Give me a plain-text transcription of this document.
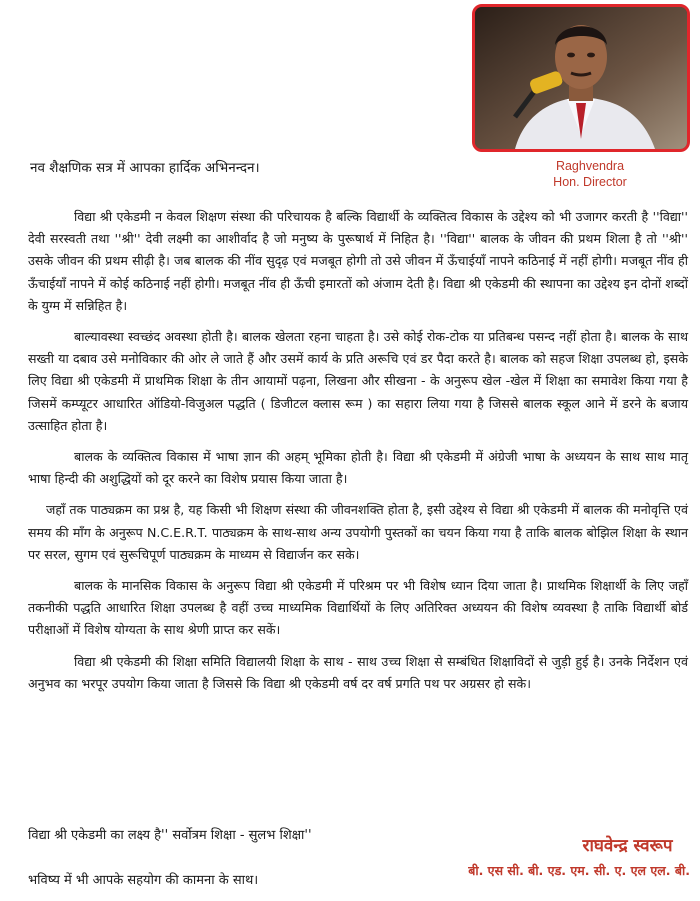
Raghvendra
Hon. Director
नव शैक्षणिक सत्र में आपका हार्दिक अभिनन्दन।

विद्या श्री एकेडमी न केवल शिक्षण संस्था की परिचायक है बल्कि विद्यार्थी के व्यक्तित्व विकास के उद्देश्य को भी उजागर करती है ''विद्या'' देवी सरस्वती तथा ''श्री'' देवी लक्ष्मी का आशीर्वाद है जो मनुष्य के पुरूषार्थ में निहित है। ''विद्या'' बालक के जीवन की प्रथम शिला है तो ''श्री'' उसके जीवन की प्रथम सीढ़ी है। जब बालक की नींव सुदृढ़ एवं मजबूत होगी तो उसे जीवन में ऊँचाईयाँ नापने कठिनाई में नहीं होगी। मजबूत नींव ही ऊँचाईयाँ नापने में कोई कठिनाई नहीं होगी। मजबूत नींव ही ऊँची इमारतों को अंजाम देती है। विद्या श्री एकेडमी की स्थापना का उद्देश्य इन दोनों शब्दों के युग्म में सन्निहित है।

बाल्यावस्था स्वच्छंद अवस्था होती है। बालक खेलता रहना चाहता है। उसे कोई रोक-टोक या प्रतिबन्ध पसन्द नहीं होता है। बालक के साथ सख्ती या दबाव उसे मनोविकार की ओर ले जाते हैं और उसमें कार्य के प्रति अरूचि एवं डर पैदा करते है। बालक को सहज शिक्षा उपलब्ध हो, इसके लिए विद्या श्री एकेडमी में प्राथमिक शिक्षा के तीन आयामों पढ़ना, लिखना और सीखना - के अनुरूप खेल -खेल में शिक्षा का समावेश किया गया है जिसमें कम्प्यूटर आधारित ऑडियो-विजुअल पद्धति ( डिजीटल क्लास रूम ) का सहारा लिया गया है जिससे बालक स्कूल आने में डरने के बजाय उत्साहित होता है।

बालक के व्यक्तित्व विकास में भाषा ज्ञान की अहम् भूमिका होती है। विद्या श्री एकेडमी में अंग्रेजी भाषा के अध्ययन के साथ साथ मातृ भाषा हिन्दी की अशुद्धियों को दूर करने का विशेष प्रयास किया जाता है।

जहाँ तक पाठ्यक्रम का प्रश्न है, यह किसी भी शिक्षण संस्था की जीवनशक्ति होता है, इसी उद्देश्य से विद्या श्री एकेडमी में बालक की मनोवृत्ति एवं समय की माँग के अनुरूप N.C.E.R.T. पाठ्यक्रम के साथ-साथ अन्य उपयोगी पुस्तकों का चयन किया गया है ताकि बालक बोझिल शिक्षा के स्थान पर सरल, सुगम एवं सुरूचिपूर्ण पाठ्यक्रम के माध्यम से विद्यार्जन कर सके।

बालक के मानसिक विकास के अनुरूप विद्या श्री एकेडमी में परिश्रम पर भी विशेष ध्यान दिया जाता है। प्राथमिक शिक्षार्थी के लिए जहाँ तकनीकी पद्धति आधारित शिक्षा उपलब्ध है वहीं उच्च माध्यमिक विद्यार्थियों के लिए अतिरिक्त अध्ययन की विशेष व्यवस्था है ताकि विद्यार्थी बोर्ड परीक्षाओं में विशेष योग्यता के साथ श्रेणी प्राप्त कर सकें।

विद्या श्री एकेडमी की शिक्षा समिति विद्यालयी शिक्षा के साथ - साथ उच्च शिक्षा से सम्बंधित शिक्षाविदों से जुड़ी हुई है। उनके निर्देशन एवं अनुभव का भरपूर उपयोग किया जाता है जिससे कि विद्या श्री एकेडमी वर्ष दर वर्ष प्रगति पथ पर अग्रसर हो सके।

विद्या श्री एकेडमी का लक्ष्य है'' सर्वोत्रम शिक्षा - सुलभ शिक्षा''
राघवेन्द्र स्वरूप
भविष्य में भी आपके सहयोग की कामना के साथ।
बी. एस सी. बी. एड. एम. सी. ए. एल एल. बी.
